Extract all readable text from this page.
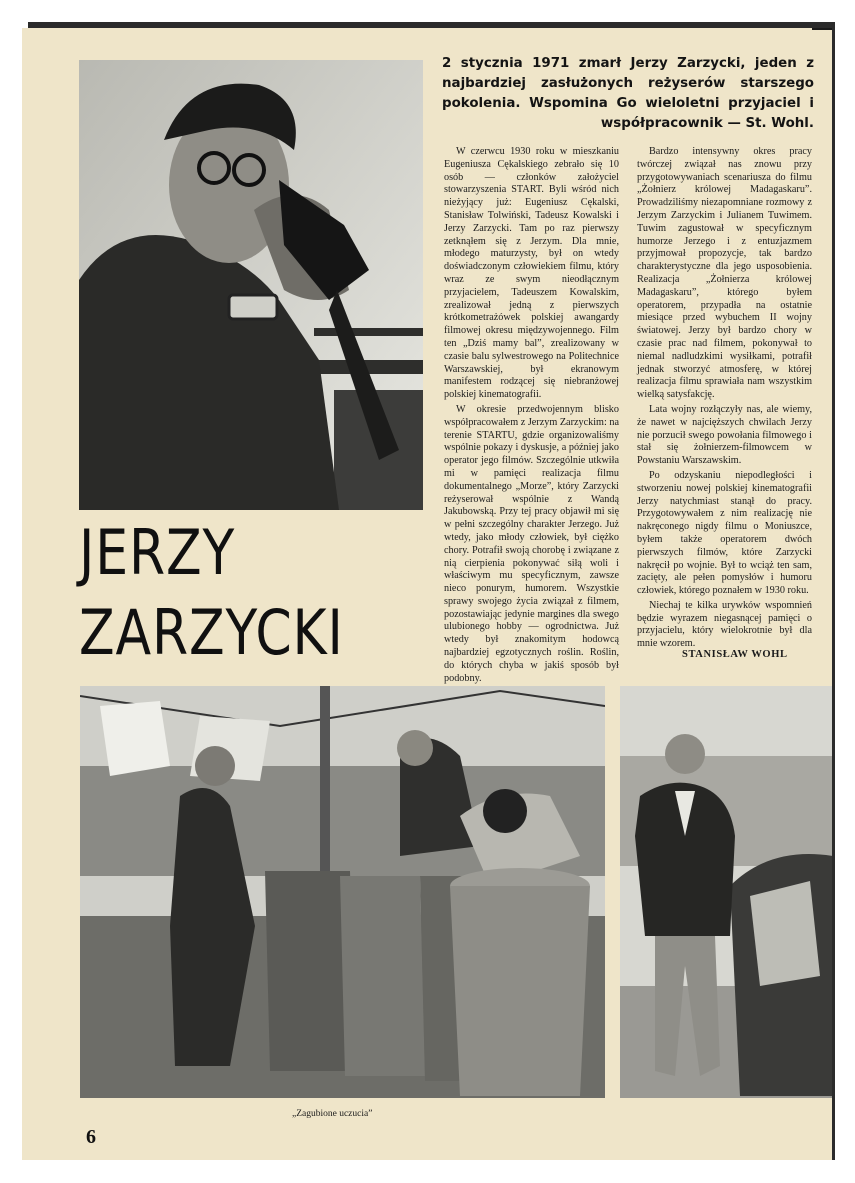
JERZY
ZARZYCKI
2 stycznia 1971 zmarł Jerzy Zarzycki, jeden z najbardziej zasłużonych reżyserów starszego pokolenia. Wspomina Go wieloletni przyjaciel i współpracownik — St. Wohl.

W czerwcu 1930 roku w mieszkaniu Eugeniusza Cękalskiego zebrało się 10 osób — członków założyciel stowarzyszenia START. Byli wśród nich nieżyjący już: Eugeniusz Cękalski, Stanisław Tolwiński, Tadeusz Kowalski i Jerzy Zarzycki. Tam po raz pierwszy zetknąłem się z Jerzym. Dla mnie, młodego maturzysty, był on wtedy doświadczonym człowiekiem filmu, który wraz ze swym nieodłącznym przyjacielem, Tadeuszem Kowalskim, zrealizował jedną z pierwszych krótkometrażówek polskiej awangardy filmowej okresu międzywojennego. Film ten „Dziś mamy bal”, zrealizowany w czasie balu sylwestrowego na Politechnice Warszawskiej, był ekranowym manifestem rodzącej się niebranżowej polskiej kinematografii.

W okresie przedwojennym blisko współpracowałem z Jerzym Zarzyckim: na terenie STARTU, gdzie organizowaliśmy wspólnie pokazy i dyskusje, a później jako operator jego filmów. Szczególnie utkwiła mi w pamięci realizacja filmu dokumentalnego „Morze”, który Zarzycki reżyserował wspólnie z Wandą Jakubowską. Przy tej pracy objawił mi się w pełni szczególny charakter Jerzego. Już wtedy, jako młody człowiek, był ciężko chory. Potrafił swoją chorobę i związane z nią cierpienia pokonywać siłą woli i właściwym mu specyficznym, zawsze nieco ponurym, humorem. Wszystkie sprawy swojego życia związał z filmem, pozostawiając jedynie margines dla swego ulubionego hobby — ogrodnictwa. Już wtedy był znakomitym hodowcą najbardziej egzotycznych roślin. Roślin, do których chyba w jakiś sposób był podobny.

Bardzo intensywny okres pracy twórczej związał nas znowu przy przygotowywaniach scenariusza do filmu „Żołnierz królowej Madagaskaru”. Prowadziliśmy niezapomniane rozmowy z Jerzym Zarzyckim i Julianem Tuwimem. Tuwim zagustował w specyficznym humorze Jerzego i z entuzjazmem przyjmował propozycje, tak bardzo charakterystyczne dla jego usposobienia. Realizacja „Żołnierza królowej Madagaskaru”, którego byłem operatorem, przypadła na ostatnie miesiące przed wybuchem II wojny światowej. Jerzy był bardzo chory w czasie prac nad filmem, pokonywał to niemal nadludzkimi wysiłkami, potrafił jednak stworzyć atmosferę, w której realizacja filmu sprawiała nam wszystkim wielką satysfakcję.

Lata wojny rozłączyły nas, ale wiemy, że nawet w najcięższych chwilach Jerzy nie porzucił swego powołania filmowego i stał się żołnierzem-filmowcem w Powstaniu Warszawskim.

Po odzyskaniu niepodległości i stworzeniu nowej polskiej kinematografii Jerzy natychmiast stanął do pracy. Przygotowywałem z nim realizację nie nakręconego nigdy filmu o Moniuszce, byłem także operatorem dwóch pierwszych filmów, które Zarzycki nakręcił po wojnie. Był to wciąż ten sam, zacięty, ale pełen pomysłów i humoru człowiek, którego poznałem w 1930 roku.

Niechaj te kilka urywków wspomnień będzie wyrazem niegasnącej pamięci o przyjacielu, który wielokrotnie był dla mnie wzorem.

STANISŁAW WOHL
„Zagubione uczucia”
6
